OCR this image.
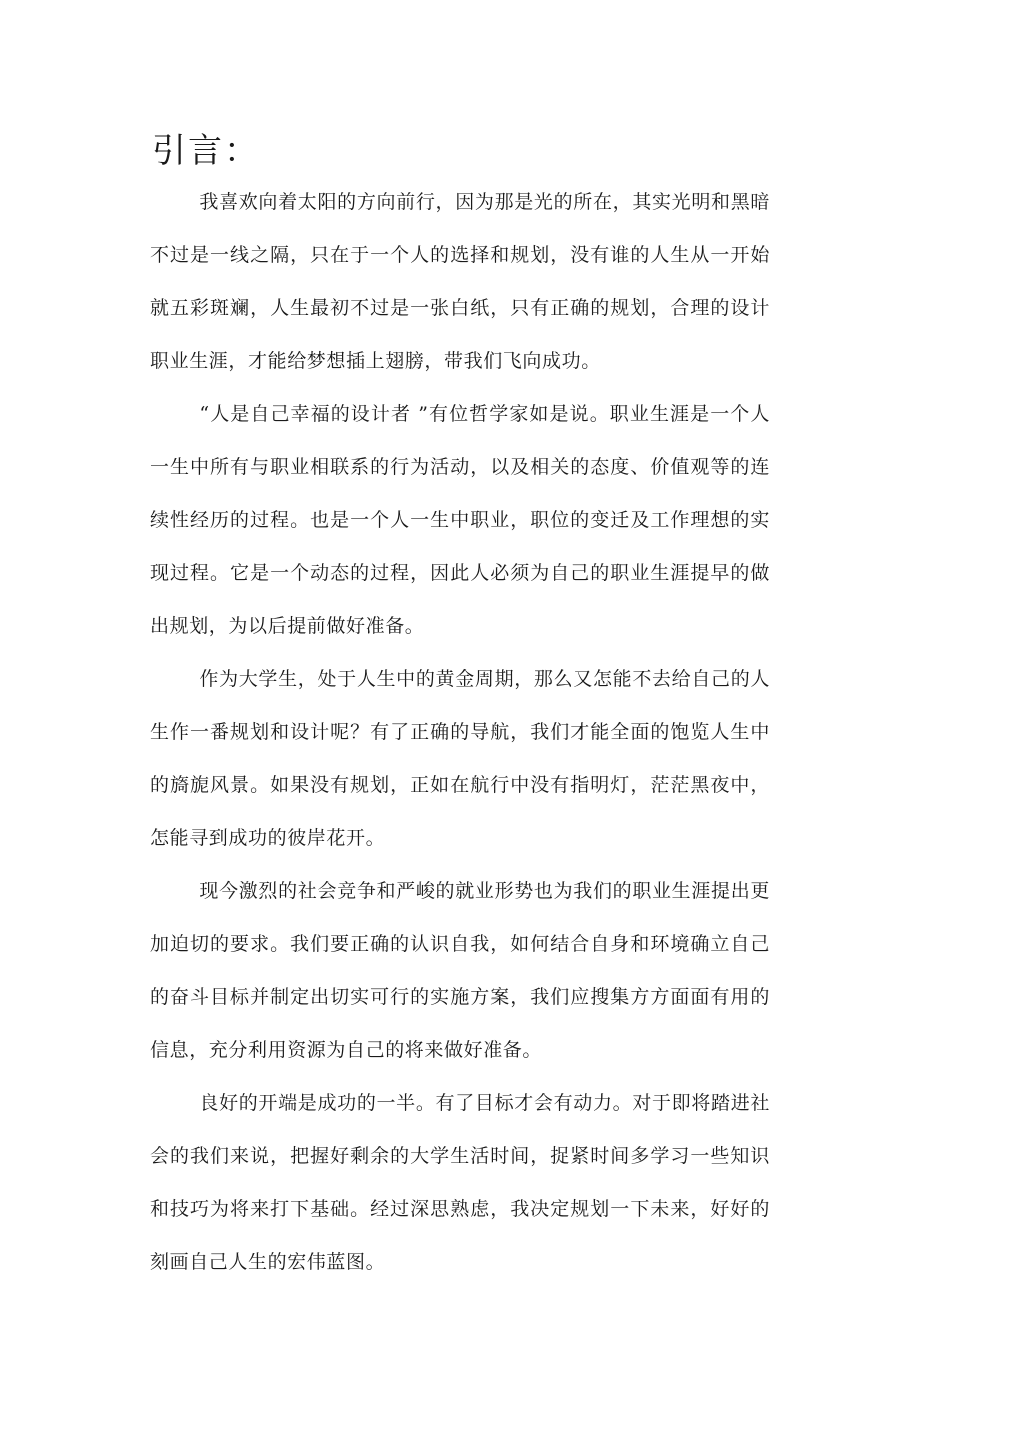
引言：

我喜欢向着太阳的方向前行，因为那是光的所在，其实光明和黑暗不过是一线之隔，只在于一个人的选择和规划，没有谁的人生从一开始就五彩斑斓，人生最初不过是一张白纸，只有正确的规划，合理的设计职业生涯，才能给梦想插上翅膀，带我们飞向成功。

“人是自己幸福的设计者 ”有位哲学家如是说。职业生涯是一个人一生中所有与职业相联系的行为活动，以及相关的态度、价值观等的连续性经历的过程。也是一个人一生中职业，职位的变迁及工作理想的实现过程。它是一个动态的过程，因此人必须为自己的职业生涯提早的做出规划，为以后提前做好准备。

作为大学生，处于人生中的黄金周期，那么又怎能不去给自己的人生作一番规划和设计呢？有了正确的导航，我们才能全面的饱览人生中的旖旎风景。如果没有规划，正如在航行中没有指明灯，茫茫黑夜中，怎能寻到成功的彼岸花开。

现今激烈的社会竞争和严峻的就业形势也为我们的职业生涯提出更加迫切的要求。我们要正确的认识自我，如何结合自身和环境确立自己的奋斗目标并制定出切实可行的实施方案，我们应搜集方方面面有用的信息，充分利用资源为自己的将来做好准备。

良好的开端是成功的一半。有了目标才会有动力。对于即将踏进社会的我们来说，把握好剩余的大学生活时间，捉紧时间多学习一些知识和技巧为将来打下基础。经过深思熟虑，我决定规划一下未来，好好的刻画自己人生的宏伟蓝图。
